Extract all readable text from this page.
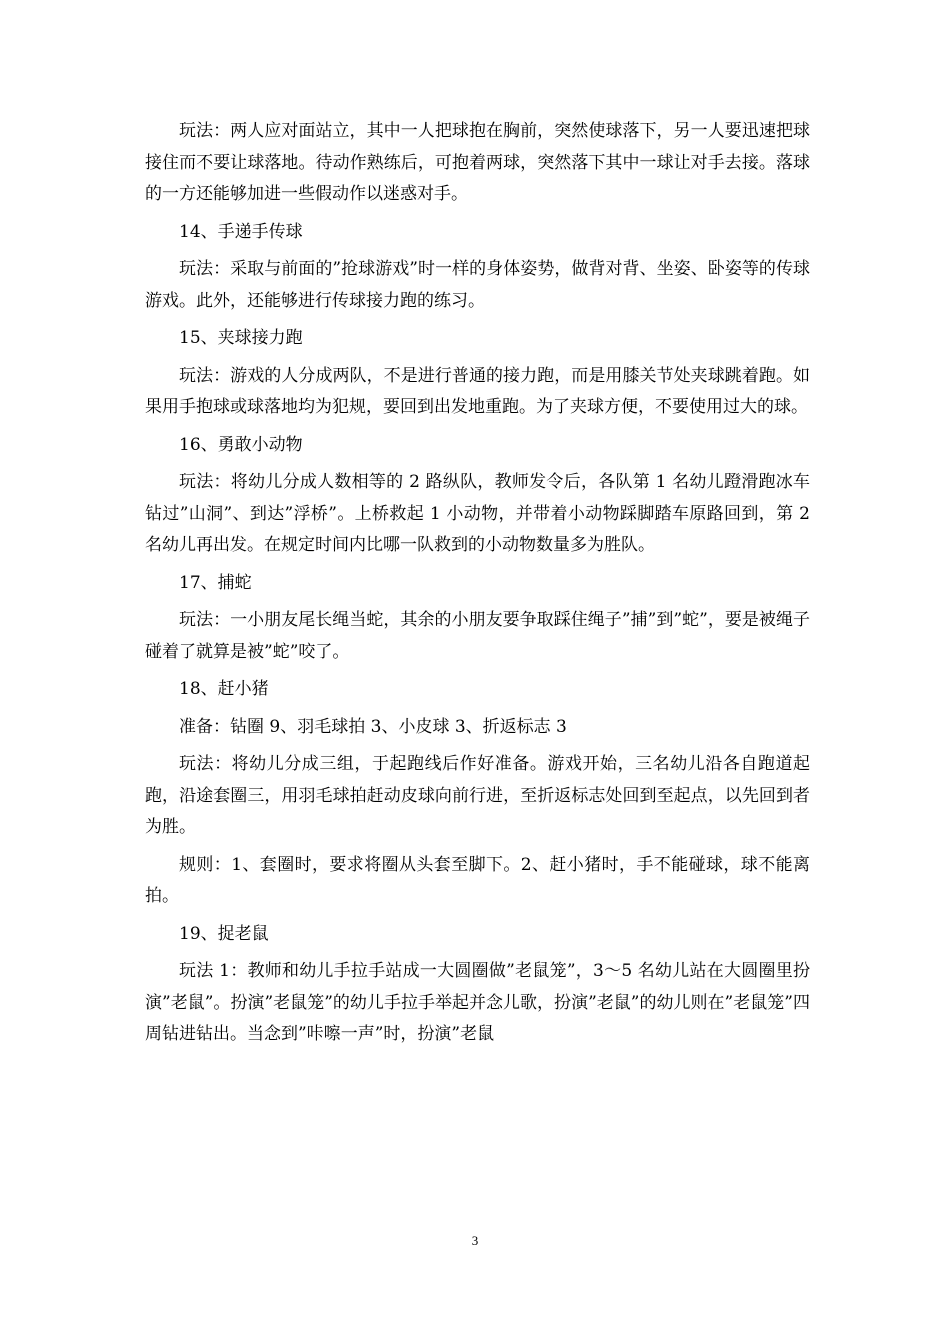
玩法：两人应对面站立，其中一人把球抱在胸前，突然使球落下，另一人要迅速把球接住而不要让球落地。待动作熟练后，可抱着两球，突然落下其中一球让对手去接。落球的一方还能够加进一些假动作以迷惑对手。

14、手递手传球

玩法：采取与前面的”抢球游戏”时一样的身体姿势，做背对背、坐姿、卧姿等的传球游戏。此外，还能够进行传球接力跑的练习。

15、夹球接力跑

玩法：游戏的人分成两队，不是进行普通的接力跑，而是用膝关节处夹球跳着跑。如果用手抱球或球落地均为犯规，要回到出发地重跑。为了夹球方便，不要使用过大的球。

16、勇敢小动物

玩法：将幼儿分成人数相等的 2 路纵队，教师发令后，各队第 1 名幼儿蹬滑跑冰车钻过”山洞”、到达”浮桥”。上桥救起 1 小动物，并带着小动物踩脚踏车原路回到，第 2 名幼儿再出发。在规定时间内比哪一队救到的小动物数量多为胜队。

17、捕蛇

玩法：一小朋友尾长绳当蛇，其余的小朋友要争取踩住绳子”捕”到”蛇”，要是被绳子碰着了就算是被”蛇”咬了。

18、赶小猪

准备：钻圈 9、羽毛球拍 3、小皮球 3、折返标志 3

玩法：将幼儿分成三组，于起跑线后作好准备。游戏开始，三名幼儿沿各自跑道起跑，沿途套圈三，用羽毛球拍赶动皮球向前行进，至折返标志处回到至起点，以先回到者为胜。

规则：1、套圈时，要求将圈从头套至脚下。2、赶小猪时，手不能碰球，球不能离拍。

19、捉老鼠

玩法 1：教师和幼儿手拉手站成一大圆圈做”老鼠笼”，3～5 名幼儿站在大圆圈里扮演”老鼠”。扮演”老鼠笼”的幼儿手拉手举起并念儿歌，扮演”老鼠”的幼儿则在”老鼠笼”四周钻进钻出。当念到”咔嚓一声”时，扮演”老鼠

3
